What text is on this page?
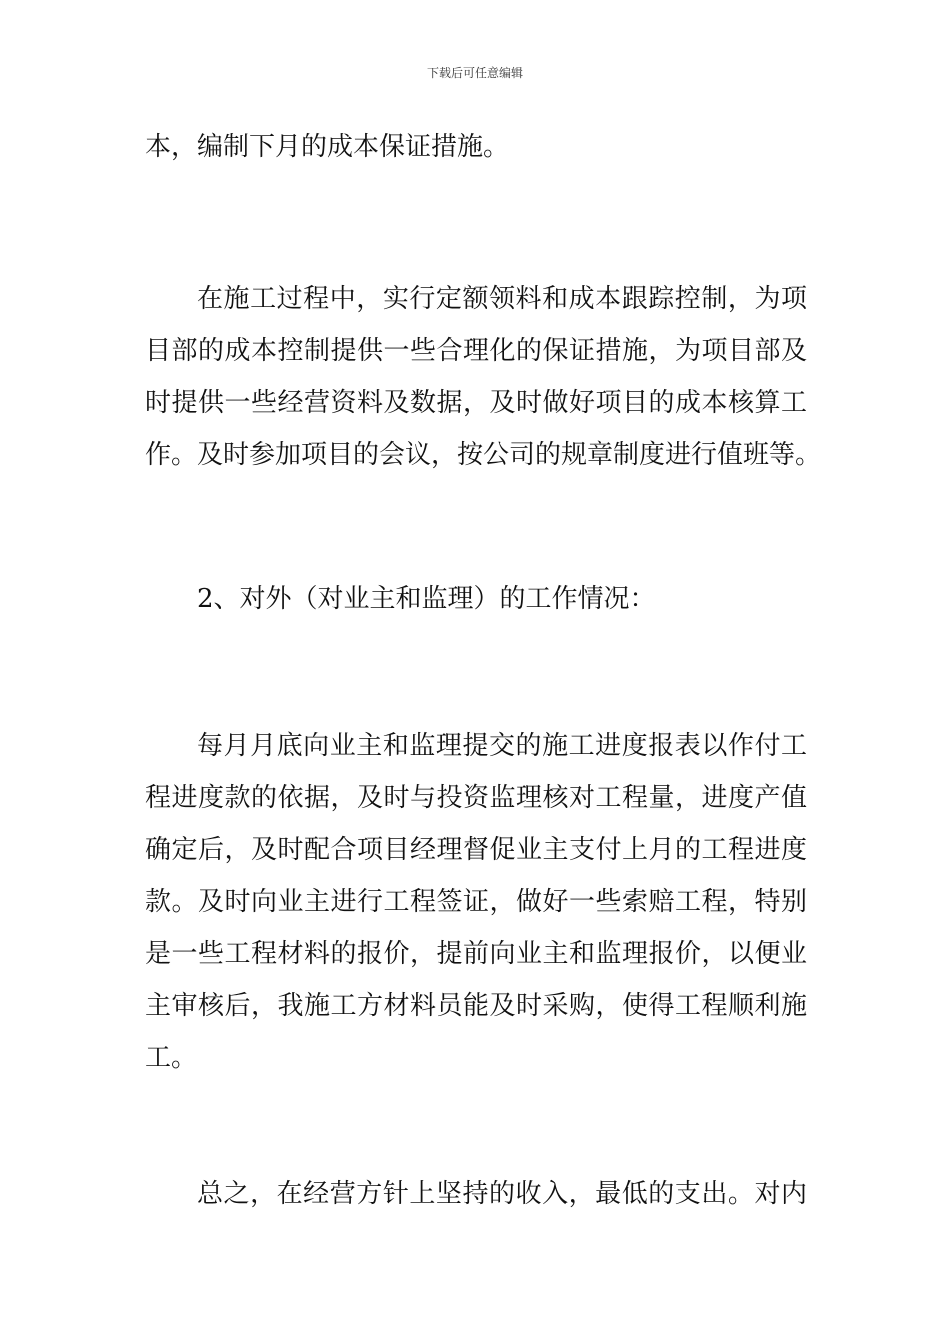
下载后可任意编辑
本，编制下月的成本保证措施。
在施工过程中，实行定额领料和成本跟踪控制，为项
目部的成本控制提供一些合理化的保证措施，为项目部及
时提供一些经营资料及数据，及时做好项目的成本核算工
作。及时参加项目的会议，按公司的规章制度进行值班等。
2、对外（对业主和监理）的工作情况：
每月月底向业主和监理提交的施工进度报表以作付工
程进度款的依据，及时与投资监理核对工程量，进度产值
确定后，及时配合项目经理督促业主支付上月的工程进度
款。及时向业主进行工程签证，做好一些索赔工程，特别
是一些工程材料的报价，提前向业主和监理报价，以便业
主审核后，我施工方材料员能及时采购，使得工程顺利施
工。
总之，在经营方针上坚持的收入，最低的支出。对内
